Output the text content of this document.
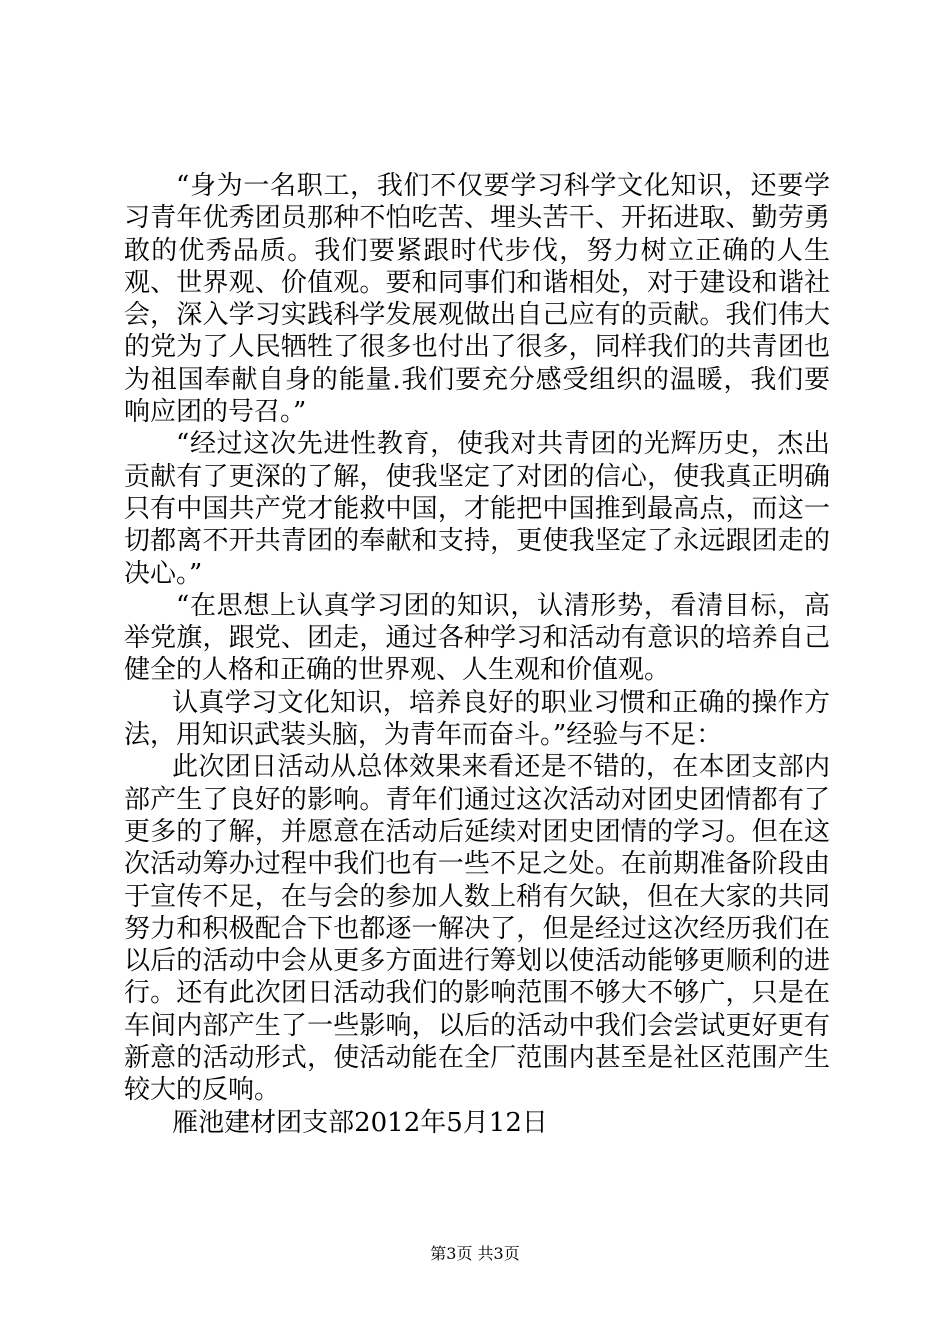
“身为一名职工，我们不仅要学习科学文化知识，还要学习青年优秀团员那种不怕吃苦、埋头苦干、开拓进取、勤劳勇敢的优秀品质。我们要紧跟时代步伐，努力树立正确的人生观、世界观、价值观。要和同事们和谐相处，对于建设和谐社会，深入学习实践科学发展观做出自己应有的贡献。我们伟大的党为了人民牺牲了很多也付出了很多，同样我们的共青团也为祖国奉献自身的能量.我们要充分感受组织的温暖，我们要响应团的号召。”

“经过这次先进性教育，使我对共青团的光辉历史，杰出贡献有了更深的了解，使我坚定了对团的信心，使我真正明确只有中国共产党才能救中国，才能把中国推到最高点，而这一切都离不开共青团的奉献和支持，更使我坚定了永远跟团走的决心。”

“在思想上认真学习团的知识，认清形势，看清目标，高举党旗，跟党、团走，通过各种学习和活动有意识的培养自己健全的人格和正确的世界观、人生观和价值观。

认真学习文化知识，培养良好的职业习惯和正确的操作方法，用知识武装头脑，为青年而奋斗。”经验与不足：

此次团日活动从总体效果来看还是不错的，在本团支部内部产生了良好的影响。青年们通过这次活动对团史团情都有了更多的了解，并愿意在活动后延续对团史团情的学习。但在这次活动筹办过程中我们也有一些不足之处。在前期准备阶段由于宣传不足，在与会的参加人数上稍有欠缺，但在大家的共同努力和积极配合下也都逐一解决了，但是经过这次经历我们在以后的活动中会从更多方面进行筹划以使活动能够更顺利的进行。还有此次团日活动我们的影响范围不够大不够广，只是在车间内部产生了一些影响，以后的活动中我们会尝试更好更有新意的活动形式，使活动能在全厂范围内甚至是社区范围产生较大的反响。

雁池建材团支部2012年5月12日

第3页 共3页
